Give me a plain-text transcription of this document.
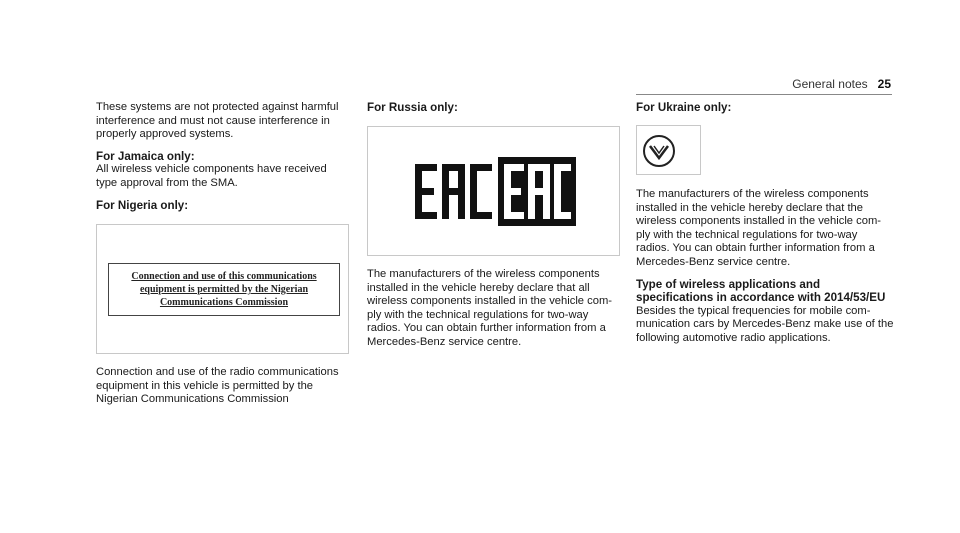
General notes 25

These systems are not protected against harmful interference and must not cause interference in properly approved systems.

For Jamaica only:

All wireless vehicle components have received type approval from the SMA.

For Nigeria only:
Connection and use of this communications
equipment is permitted by the Nigerian
Communications Commission
Connection and use of the radio communications equipment in this vehicle is permitted by the Nigerian Communications Commission
For Russia only:
The manufacturers of the wireless components installed in the vehicle hereby declare that all wireless components installed in the vehicle com- ply with the technical regulations for two-way radios. You can obtain further information from a Mercedes-Benz service centre.
For Ukraine only:

The manufacturers of the wireless components installed in the vehicle hereby declare that the wireless components installed in the vehicle com- ply with the technical regulations for two-way radios. You can obtain further information from a Mercedes-Benz service centre.

Type of wireless applications and specifications in accordance with 2014/53/EU

Besides the typical frequencies for mobile com- munication cars by Mercedes-Benz make use of the following automotive radio applications.
